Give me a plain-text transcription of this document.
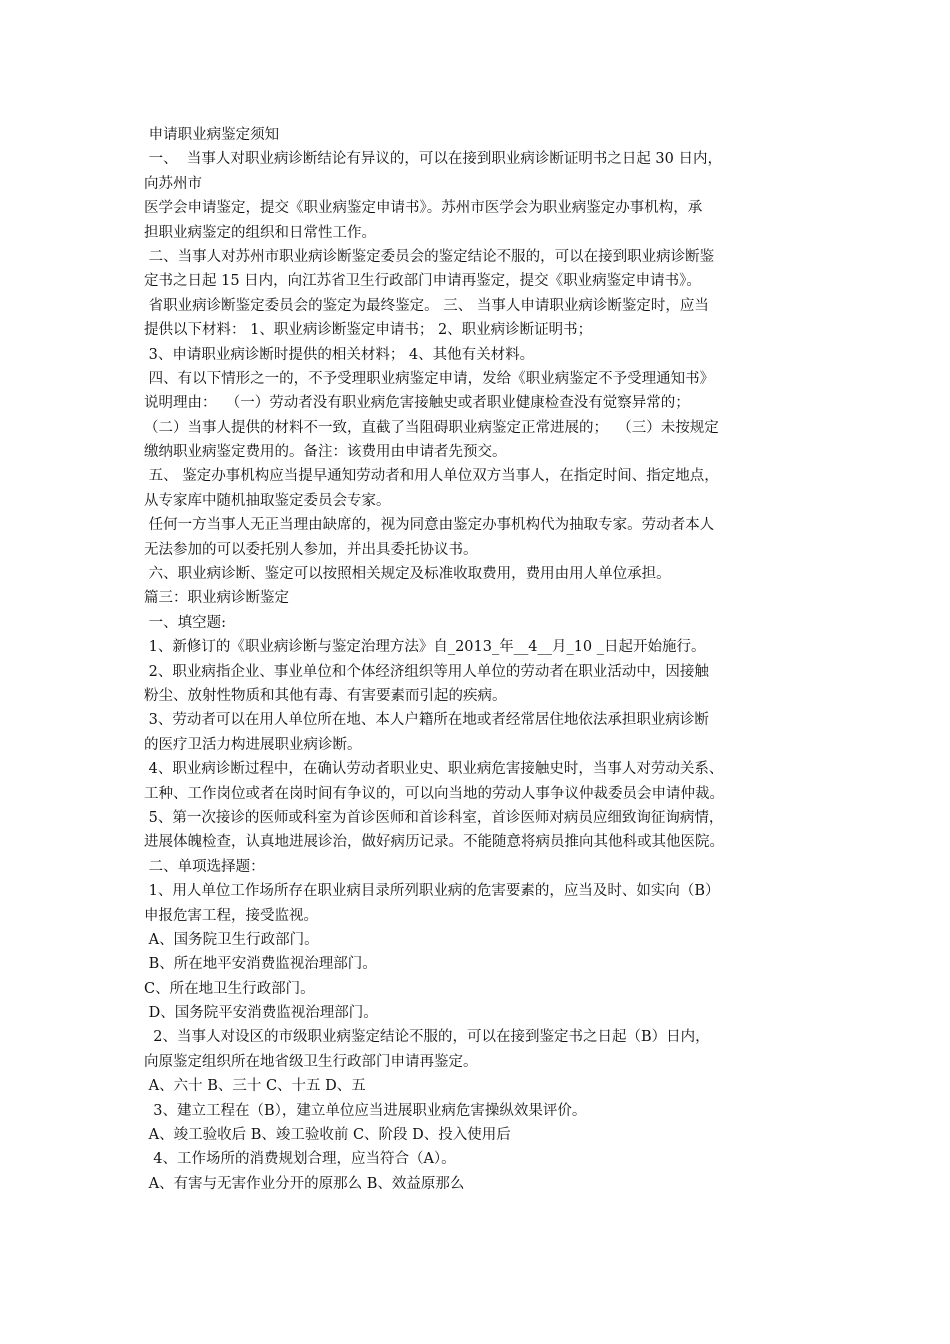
申请职业病鉴定须知
一、  当事人对职业病诊断结论有异议的，可以在接到职业病诊断证明书之日起 30 日内，
向苏州市
医学会申请鉴定，提交《职业病鉴定申请书》。苏州市医学会为职业病鉴定办事机构，承
担职业病鉴定的组织和日常性工作。
二、当事人对苏州市职业病诊断鉴定委员会的鉴定结论不服的，可以在接到职业病诊断鉴
定书之日起 15 日内，向江苏省卫生行政部门申请再鉴定，提交《职业病鉴定申请书》。
省职业病诊断鉴定委员会的鉴定为最终鉴定。 三、 当事人申请职业病诊断鉴定时，应当
提供以下材料： 1、职业病诊断鉴定申请书； 2、职业病诊断证明书；
3、申请职业病诊断时提供的相关材料； 4、其他有关材料。
四、有以下情形之一的，不予受理职业病鉴定申请，发给《职业病鉴定不予受理通知书》
说明理由：  （一）劳动者没有职业病危害接触史或者职业健康检查没有觉察异常的；
（二）当事人提供的材料不一致，直截了当阻碍职业病鉴定正常进展的；  （三）未按规定
缴纳职业病鉴定费用的。备注：该费用由申请者先预交。
五、 鉴定办事机构应当提早通知劳动者和用人单位双方当事人，在指定时间、指定地点，
从专家库中随机抽取鉴定委员会专家。
任何一方当事人无正当理由缺席的，视为同意由鉴定办事机构代为抽取专家。劳动者本人
无法参加的可以委托别人参加，并出具委托协议书。
六、职业病诊断、鉴定可以按照相关规定及标准收取费用，费用由用人单位承担。
篇三：职业病诊断鉴定
一、填空题:
1、新修订的《职业病诊断与鉴定治理方法》自_2013_年__4__月_10 _日起开始施行。
2、职业病指企业、事业单位和个体经济组织等用人单位的劳动者在职业活动中，因接触
粉尘、放射性物质和其他有毒、有害要素而引起的疾病。
3、劳动者可以在用人单位所在地、本人户籍所在地或者经常居住地依法承担职业病诊断
的医疗卫活力构进展职业病诊断。
4、职业病诊断过程中，在确认劳动者职业史、职业病危害接触史时，当事人对劳动关系、
工种、工作岗位或者在岗时间有争议的，可以向当地的劳动人事争议仲裁委员会申请仲裁。
5、第一次接诊的医师或科室为首诊医师和首诊科室，首诊医师对病员应细致询征询病情，
进展体魄检查，认真地进展诊治，做好病历记录。不能随意将病员推向其他科或其他医院。
二、单项选择题：
1、用人单位工作场所存在职业病目录所列职业病的危害要素的，应当及时、如实向（B）
申报危害工程，接受监视。
A、国务院卫生行政部门。
B、所在地平安消费监视治理部门。
C、所在地卫生行政部门。
D、国务院平安消费监视治理部门。
2、当事人对设区的市级职业病鉴定结论不服的，可以在接到鉴定书之日起（B）日内，
向原鉴定组织所在地省级卫生行政部门申请再鉴定。
A、六十 B、三十 C、十五 D、五
3、建立工程在（B），建立单位应当进展职业病危害操纵效果评价。
A、竣工验收后 B、竣工验收前 C、阶段 D、投入使用后
4、工作场所的消费规划合理，应当符合（A）。
A、有害与无害作业分开的原那么 B、效益原那么
